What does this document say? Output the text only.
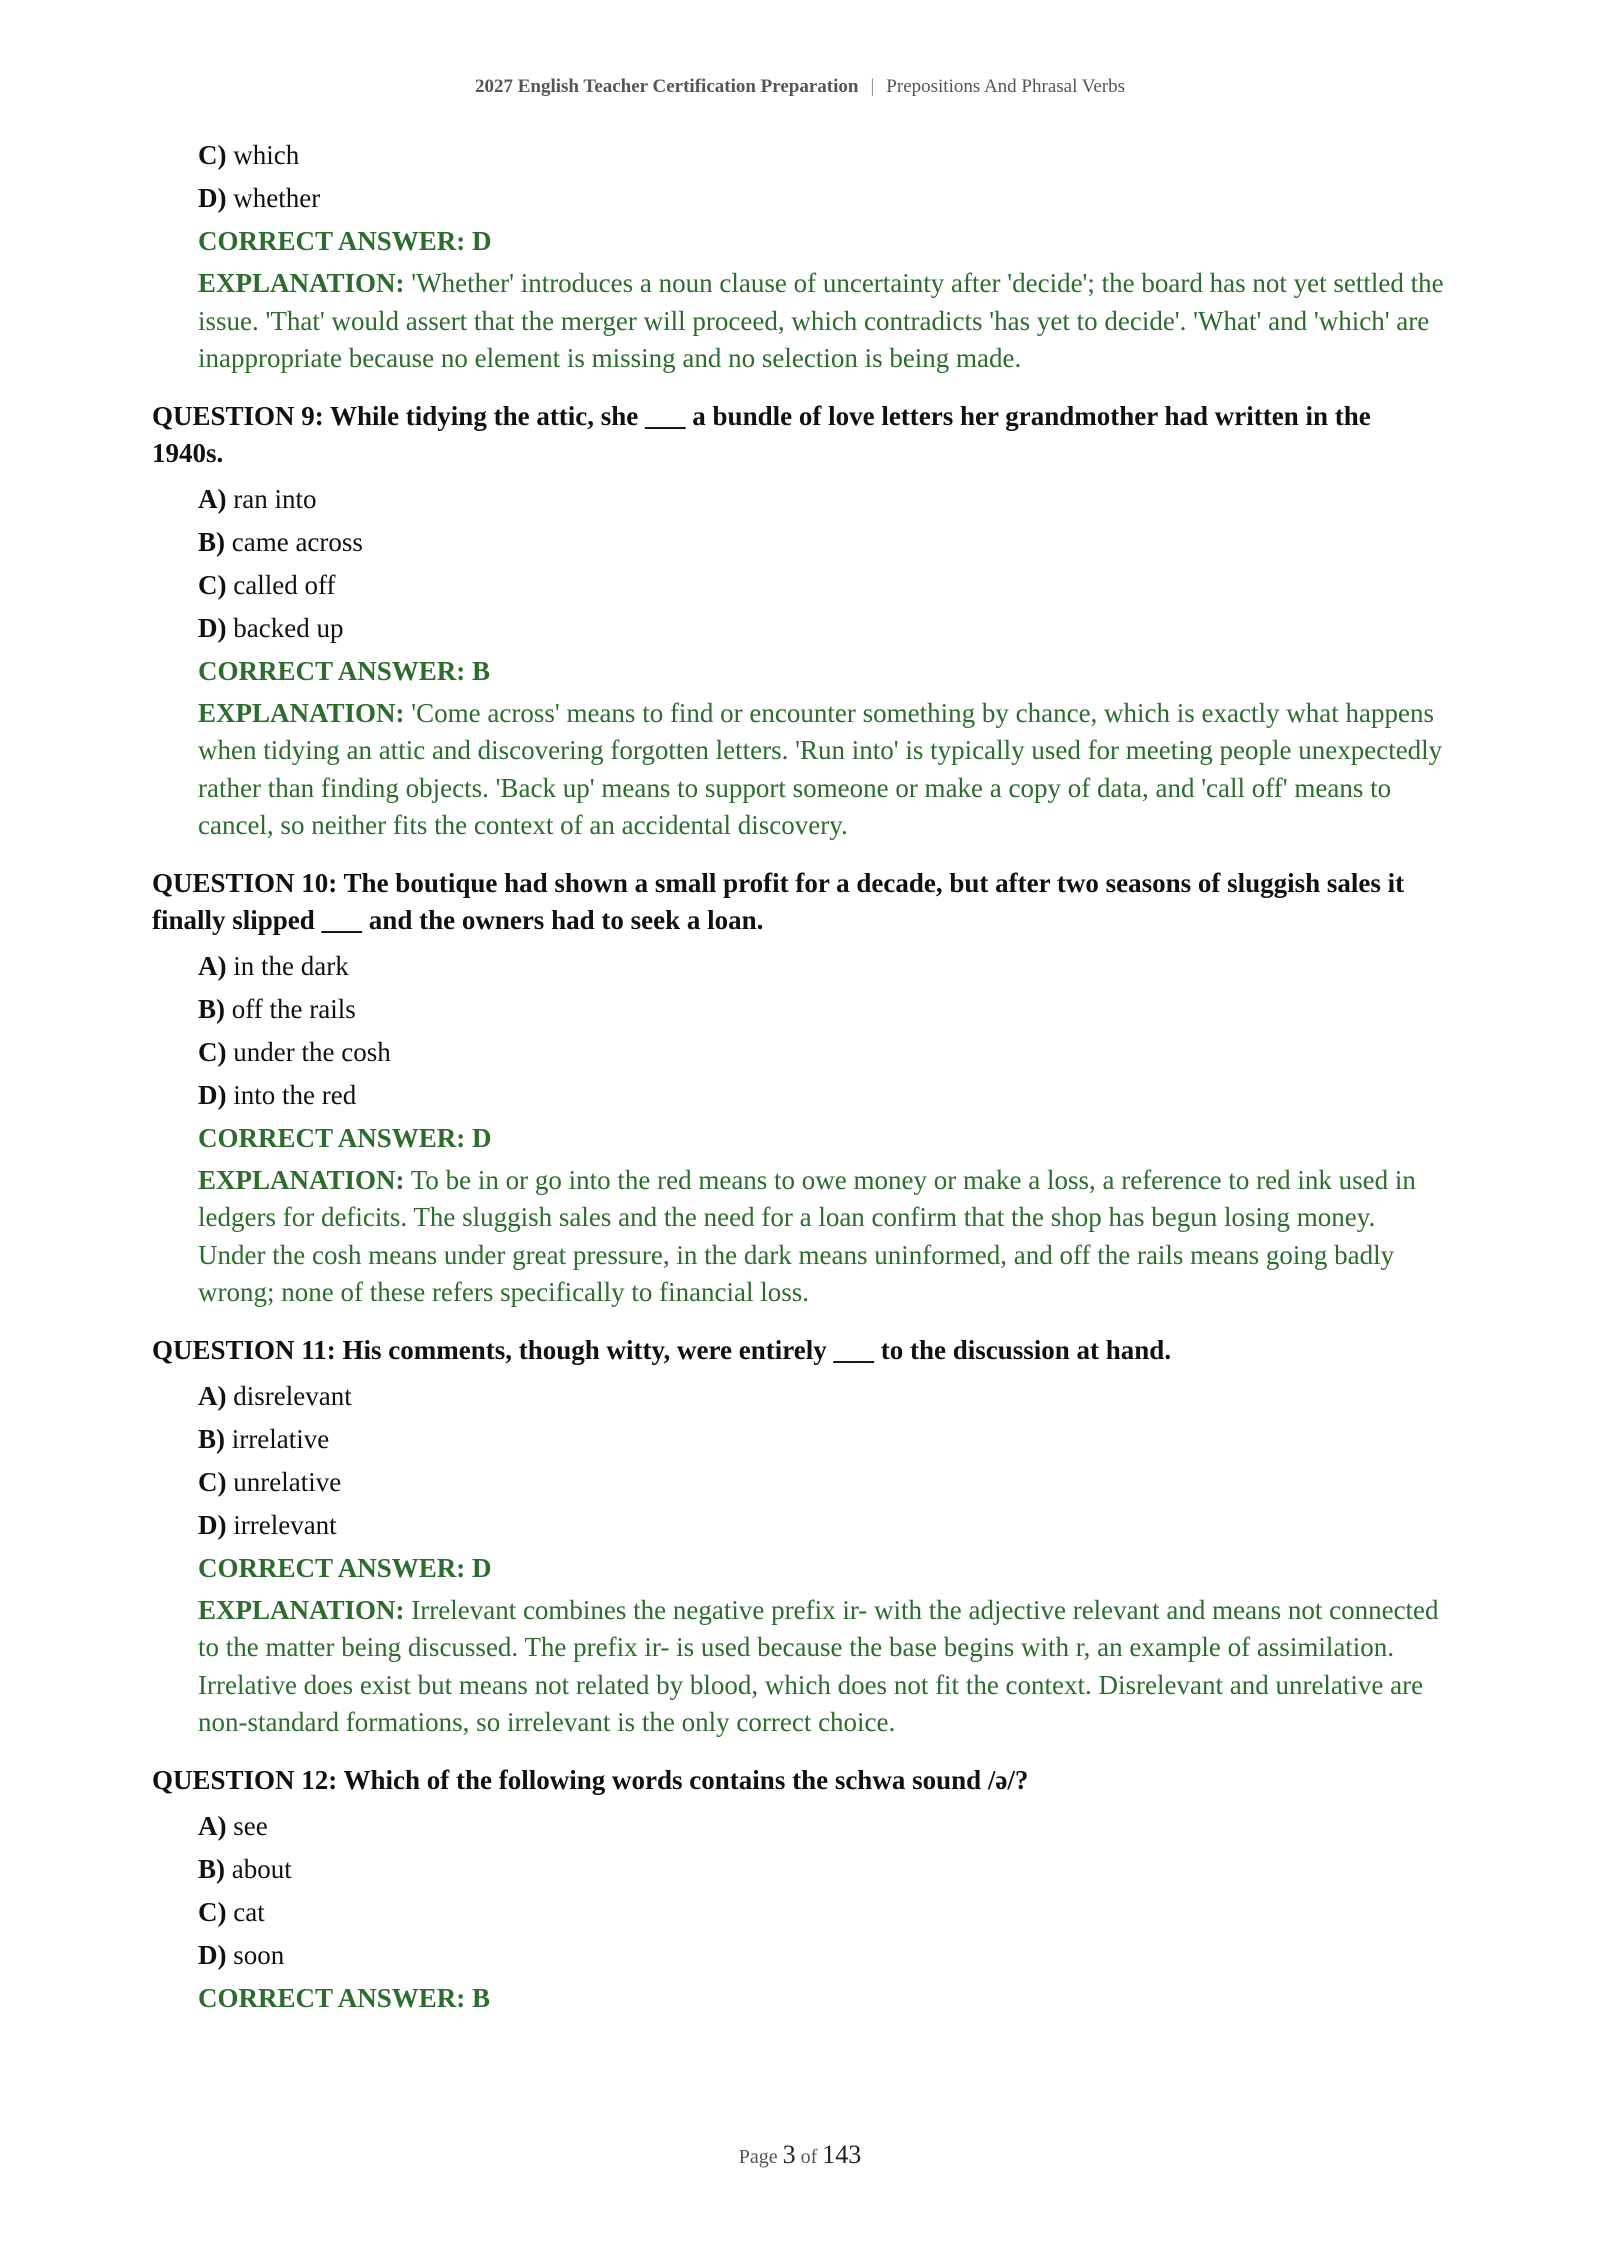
2027 English Teacher Certification Preparation | Prepositions And Phrasal Verbs

C) which

D) whether

CORRECT ANSWER: D
EXPLANATION: 'Whether' introduces a noun clause of uncertainty after 'decide'; the board has not yet settled the issue. 'That' would assert that the merger will proceed, which contradicts 'has yet to decide'. 'What' and 'which' are inappropriate because no element is missing and no selection is being made.
QUESTION 9: While tidying the attic, she ___ a bundle of love letters her grandmother had written in the 1940s.

A) ran into

B) came across

C) called off

D) backed up

CORRECT ANSWER: B
EXPLANATION: 'Come across' means to find or encounter something by chance, which is exactly what happens when tidying an attic and discovering forgotten letters. 'Run into' is typically used for meeting people unexpectedly rather than finding objects. 'Back up' means to support someone or make a copy of data, and 'call off' means to cancel, so neither fits the context of an accidental discovery.
QUESTION 10: The boutique had shown a small profit for a decade, but after two seasons of sluggish sales it finally slipped ___ and the owners had to seek a loan.

A) in the dark

B) off the rails

C) under the cosh

D) into the red

CORRECT ANSWER: D
EXPLANATION: To be in or go into the red means to owe money or make a loss, a reference to red ink used in ledgers for deficits. The sluggish sales and the need for a loan confirm that the shop has begun losing money. Under the cosh means under great pressure, in the dark means uninformed, and off the rails means going badly wrong; none of these refers specifically to financial loss.
QUESTION 11: His comments, though witty, were entirely ___ to the discussion at hand.

A) disrelevant

B) irrelative

C) unrelative

D) irrelevant

CORRECT ANSWER: D
EXPLANATION: Irrelevant combines the negative prefix ir- with the adjective relevant and means not connected to the matter being discussed. The prefix ir- is used because the base begins with r, an example of assimilation. Irrelative does exist but means not related by blood, which does not fit the context. Disrelevant and unrelative are non-standard formations, so irrelevant is the only correct choice.
QUESTION 12: Which of the following words contains the schwa sound /ə/?

A) see

B) about

C) cat

D) soon

CORRECT ANSWER: B
Page 3 of 143
